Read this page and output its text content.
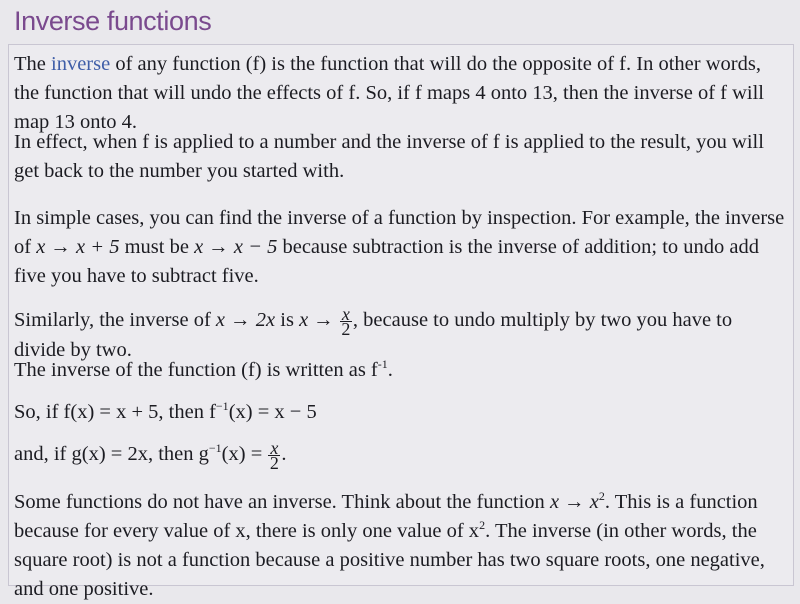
Inverse functions
The inverse of any function (f) is the function that will do the opposite of f. In other words, the function that will undo the effects of f. So, if f maps 4 onto 13, then the inverse of f will map 13 onto 4.
In effect, when f is applied to a number and the inverse of f is applied to the result, you will get back to the number you started with.
In simple cases, you can find the inverse of a function by inspection. For example, the inverse of x → x + 5 must be x → x − 5 because subtraction is the inverse of addition; to undo add five you have to subtract five.
Similarly, the inverse of x → 2x is $x \to \frac{x}{2}$ , because to undo multiply by two you have to divide by two.
The inverse of the function (f) is written as $f^{-1}$.
So, if f(x) = x + 5, then $f^{-1}(x) = x - 5$
and, if g(x) = 2x, then $g^{-1}(x) = \frac{x}{2}$ .
Some functions do not have an inverse. Think about the function $x \to x^2$. This is a function because for every value of x, there is only one value of $x^2$. The inverse (in other words, the square root) is not a function because a positive number has two square roots, one negative, and one positive.
